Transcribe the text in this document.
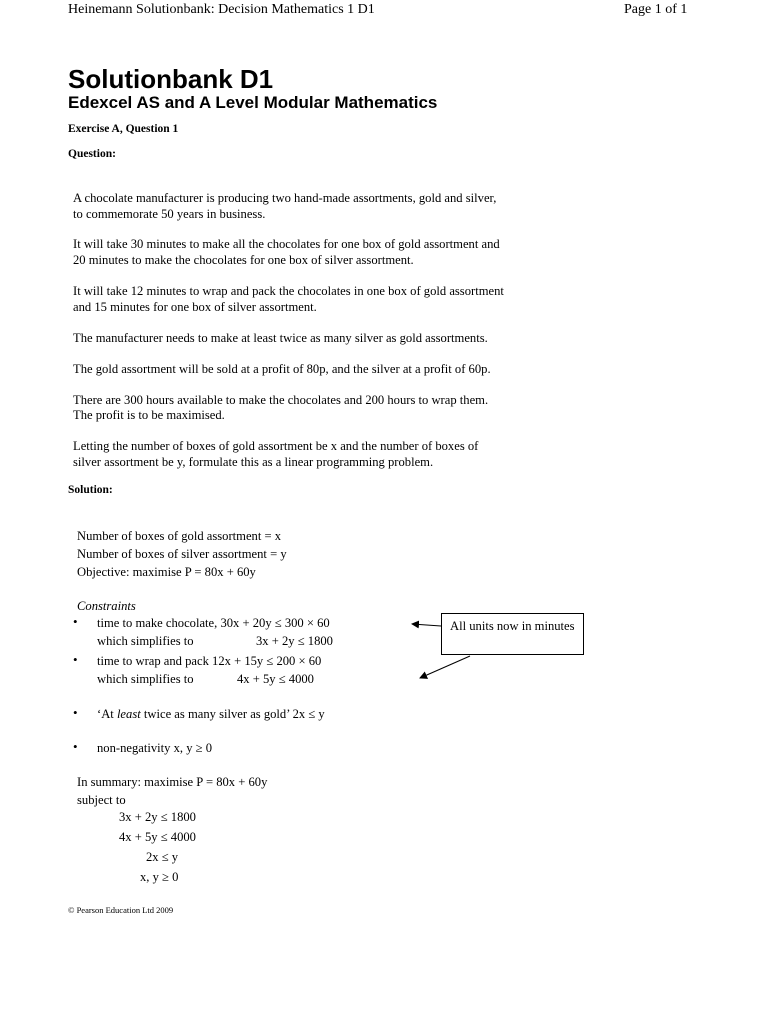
Heinemann Solutionbank: Decision Mathematics 1 D1	Page 1 of 1
Solutionbank D1
Edexcel AS and A Level Modular Mathematics
Exercise A, Question 1
Question:
A chocolate manufacturer is producing two hand-made assortments, gold and silver,
to commemorate 50 years in business.
It will take 30 minutes to make all the chocolates for one box of gold assortment and
20 minutes to make the chocolates for one box of silver assortment.
It will take 12 minutes to wrap and pack the chocolates in one box of gold assortment
and 15 minutes for one box of silver assortment.
The manufacturer needs to make at least twice as many silver as gold assortments.
The gold assortment will be sold at a profit of 80p, and the silver at a profit of 60p.
There are 300 hours available to make the chocolates and 200 hours to wrap them.
The profit is to be maximised.
Letting the number of boxes of gold assortment be x and the number of boxes of
silver assortment be y, formulate this as a linear programming problem.
Solution:
Number of boxes of gold assortment = x
Number of boxes of silver assortment = y
Objective: maximise P = 80x + 60y
Constraints
• time to make chocolate, 30x + 20y ≤ 300 × 60
which simplifies to	3x + 2y ≤ 1800
• time to wrap and pack 12x + 15y ≤ 200 × 60
which simplifies to	4x + 5y ≤ 4000
• ‘At least twice as many silver as gold’ 2x ≤ y
• non-negativity x, y ≥ 0
In summary: maximise P = 80x + 60y
subject to
3x + 2y ≤ 1800
4x + 5y ≤ 4000
2x ≤ y
x, y ≥ 0
All units now in minutes
© Pearson Education Ltd 2009
